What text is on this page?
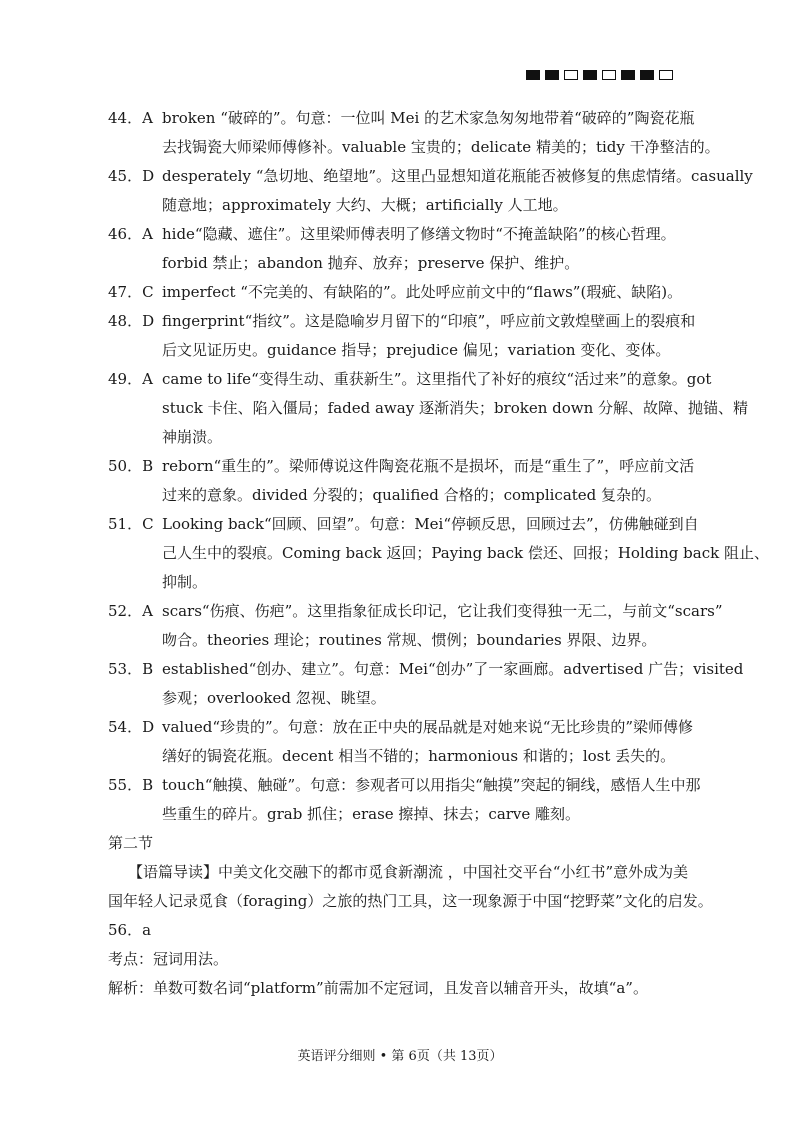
44．A broken “破碎的”。句意：一位叫 Mei 的艺术家急匆匆地带着“破碎的”陶瓷花瓶
去找锔瓷大师梁师傅修补。valuable 宝贵的；delicate 精美的；tidy 干净整洁的。
45．D desperately “急切地、绝望地”。这里凸显想知道花瓶能否被修复的焦虑情绪。casually
随意地；approximately 大约、大概；artificially 人工地。
46．A hide“隐藏、遮住”。这里梁师傅表明了修缮文物时“不掩盖缺陷”的核心哲理。
forbid 禁止；abandon 抛弃、放弃；preserve 保护、维护。
47．C imperfect “不完美的、有缺陷的”。此处呼应前文中的“flaws”(瑕疵、缺陷)。
48．D fingerprint“指纹”。这是隐喻岁月留下的“印痕”，呼应前文敦煌壁画上的裂痕和
后文见证历史。guidance 指导；prejudice 偏见；variation 变化、变体。
49．A came to life“变得生动、重获新生”。这里指代了补好的痕纹“活过来”的意象。got
stuck 卡住、陷入僵局；faded away 逐渐消失；broken down 分解、故障、抛锚、精
神崩溃。
50．B reborn“重生的”。梁师傅说这件陶瓷花瓶不是损坏，而是“重生了”，呼应前文活
过来的意象。divided 分裂的；qualified 合格的；complicated 复杂的。
51．C Looking back“回顾、回望”。句意：Mei“停顿反思，回顾过去”，仿佛触碰到自
己人生中的裂痕。Coming back 返回；Paying back 偿还、回报；Holding back 阻止、
抑制。
52．A scars“伤痕、伤疤”。这里指象征成长印记，它让我们变得独一无二，与前文“scars”
吻合。theories 理论；routines 常规、惯例；boundaries 界限、边界。
53．B established“创办、建立”。句意：Mei“创办”了一家画廊。advertised 广告；visited
参观；overlooked 忽视、眺望。
54．D valued“珍贵的”。句意：放在正中央的展品就是对她来说“无比珍贵的”梁师傅修
缮好的锔瓷花瓶。decent 相当不错的；harmonious 和谐的；lost 丢失的。
55．B touch“触摸、触碰”。句意：参观者可以用指尖“触摸”突起的铜线，感悟人生中那
些重生的碎片。grab 抓住；erase 擦掉、抹去；carve 雕刻。
第二节
【语篇导读】中美文化交融下的都市觅食新潮流 ，中国社交平台“小红书”意外成为美
国年轻人记录觅食（foraging）之旅的热门工具，这一现象源于中国“挖野菜”文化的启发。
56．a
考点：冠词用法。
解析：单数可数名词“platform”前需加不定冠词，且发音以辅音开头，故填“a”。
英语评分细则 • 第 6页（共 13页）
